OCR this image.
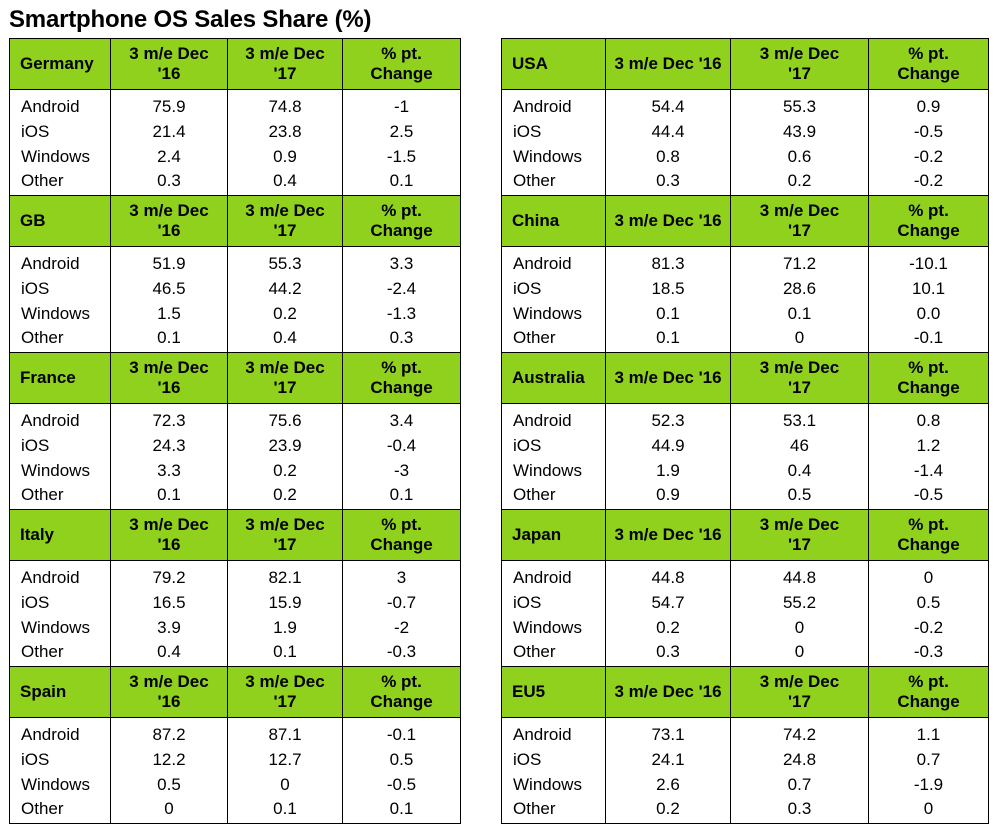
Smartphone OS Sales Share (%)
Germany	3 m/e Dec '16	3 m/e Dec '17	% pt. Change
Android	75.9	74.8	-1
iOS	21.4	23.8	2.5
Windows	2.4	0.9	-1.5
Other	0.3	0.4	0.1
GB	3 m/e Dec '16	3 m/e Dec '17	% pt. Change
Android	51.9	55.3	3.3
iOS	46.5	44.2	-2.4
Windows	1.5	0.2	-1.3
Other	0.1	0.4	0.3
France	3 m/e Dec '16	3 m/e Dec '17	% pt. Change
Android	72.3	75.6	3.4
iOS	24.3	23.9	-0.4
Windows	3.3	0.2	-3
Other	0.1	0.2	0.1
Italy	3 m/e Dec '16	3 m/e Dec '17	% pt. Change
Android	79.2	82.1	3
iOS	16.5	15.9	-0.7
Windows	3.9	1.9	-2
Other	0.4	0.1	-0.3
Spain	3 m/e Dec '16	3 m/e Dec '17	% pt. Change
Android	87.2	87.1	-0.1
iOS	12.2	12.7	0.5
Windows	0.5	0	-0.5
Other	0	0.1	0.1
USA	3 m/e Dec '16	3 m/e Dec '17	% pt. Change
Android	54.4	55.3	0.9
iOS	44.4	43.9	-0.5
Windows	0.8	0.6	-0.2
Other	0.3	0.2	-0.2
China	3 m/e Dec '16	3 m/e Dec '17	% pt. Change
Android	81.3	71.2	-10.1
iOS	18.5	28.6	10.1
Windows	0.1	0.1	0.0
Other	0.1	0	-0.1
Australia	3 m/e Dec '16	3 m/e Dec '17	% pt. Change
Android	52.3	53.1	0.8
iOS	44.9	46	1.2
Windows	1.9	0.4	-1.4
Other	0.9	0.5	-0.5
Japan	3 m/e Dec '16	3 m/e Dec '17	% pt. Change
Android	44.8	44.8	0
iOS	54.7	55.2	0.5
Windows	0.2	0	-0.2
Other	0.3	0	-0.3
EU5	3 m/e Dec '16	3 m/e Dec '17	% pt. Change
Android	73.1	74.2	1.1
iOS	24.1	24.8	0.7
Windows	2.6	0.7	-1.9
Other	0.2	0.3	0
